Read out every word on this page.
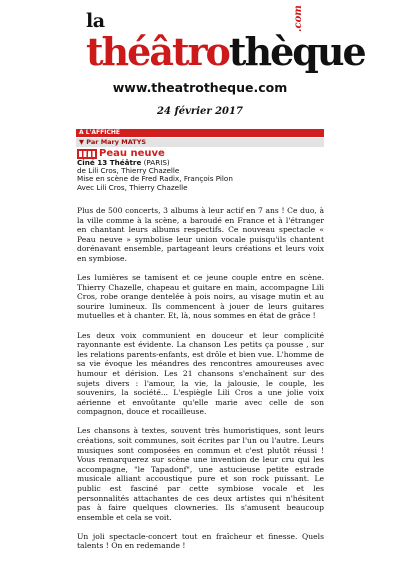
la
théâtrothèque
.com
www.theatrotheque.com
24 février 2017
A L'AFFICHE
▼ Par Mary MATYS
Peau neuve
Ciné 13 Théâtre (PARIS)
de Lili Cros, Thierry Chazelle
Mise en scène de Fred Radix, François Pilon
Avec Lili Cros, Thierry Chazelle

Plus de 500 concerts, 3 albums à leur actif en 7 ans ! Ce duo, à la ville comme à la scène, a baroudé en France et à l'étranger en chantant leurs albums respectifs. Ce nouveau spectacle « Peau neuve » symbolise leur union vocale puisqu'ils chantent dorénavant ensemble, partageant leurs créations et leurs voix en symbiose.

Les lumières se tamisent et ce jeune couple entre en scène. Thierry Chazelle, chapeau et guitare en main, accompagne Lili Cros, robe orange dentelée à pois noirs, au visage mutin et au sourire lumineux. Ils commencent à jouer de leurs guitares mutuelles et à chanter. Et, là, nous sommes en état de grâce !

Les deux voix communient en douceur et leur complicité rayonnante est évidente. La chanson Les petits ça pousse , sur les relations parents-enfants, est drôle et bien vue. L'homme de sa vie évoque les méandres des rencontres amoureuses avec humour et dérision. Les 21 chansons s'enchaînent sur des sujets divers : l'amour, la vie, la jalousie, le couple, les souvenirs, la société... L'espiègle Lili Cros a une jolie voix aérienne et envoûtante qu'elle marie avec celle de son compagnon, douce et rocailleuse.

Les chansons à textes, souvent très humoristiques, sont leurs créations, soit communes, soit écrites par l'un ou l'autre. Leurs musiques sont composées en commun et c'est plutôt réussi ! Vous remarquerez sur scène une invention de leur cru qui les accompagne, "le Tapadonf", une astucieuse petite estrade musicale alliant accoustique pure et son rock puissant. Le public est fasciné par cette symbiose vocale et les personnalités attachantes de ces deux artistes qui n'hésitent pas à faire quelques clowneries. Ils s'amusent beaucoup ensemble et cela se voit.

Un joli spectacle-concert tout en fraîcheur et finesse. Quels talents ! On en redemande !
